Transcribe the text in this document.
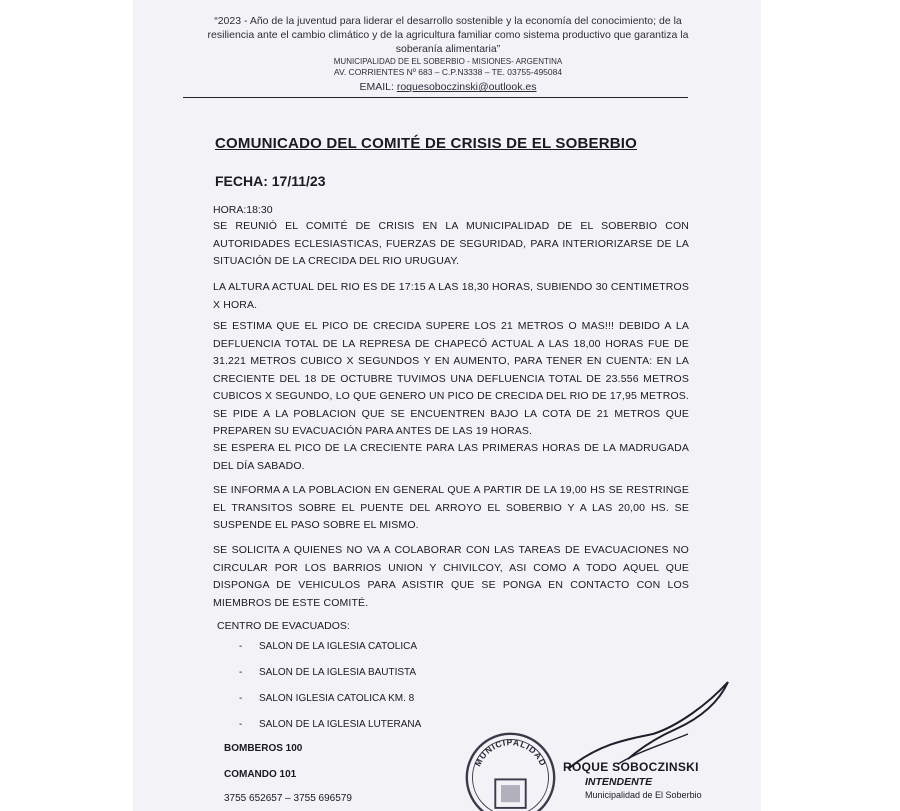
“2023 - Año de la juventud para liderar el desarrollo sostenible y la economía del conocimiento; de la
resiliencia ante el cambio climático y de la agricultura familiar como sistema productivo que garantiza la
soberanía alimentaria”
MUNICIPALIDAD DE EL SOBERBIO - MISIONES- ARGENTINA
AV. CORRIENTES Nº 683 – C.P.N3338 – TE. 03755-495084
EMAIL: roquesoboczinski@outlook.es
COMUNICADO DEL COMITÉ DE CRISIS DE EL SOBERBIO
FECHA: 17/11/23
HORA:18:30
SE REUNIÓ EL COMITÉ DE CRISIS EN LA MUNICIPALIDAD DE EL SOBERBIO CON AUTORIDADES ECLESIASTICAS, FUERZAS DE SEGURIDAD, PARA INTERIORIZARSE DE LA SITUACIÓN DE LA CRECIDA DEL RIO URUGUAY.
LA ALTURA ACTUAL DEL RIO ES DE 17:15 A LAS 18,30 HORAS, SUBIENDO 30 CENTIMETROS X HORA.
SE ESTIMA QUE EL PICO DE CRECIDA SUPERE LOS 21 METROS O MAS!!! DEBIDO A LA DEFLUENCIA TOTAL DE LA REPRESA DE CHAPECÓ ACTUAL A LAS 18,00 HORAS FUE DE 31.221 METROS CUBICO X SEGUNDOS Y EN AUMENTO, PARA TENER EN CUENTA: EN LA CRECIENTE DEL 18 DE OCTUBRE TUVIMOS UNA DEFLUENCIA TOTAL DE 23.556 METROS CUBICOS X SEGUNDO, LO QUE GENERO UN PICO DE CRECIDA DEL RIO DE 17,95 METROS. SE PIDE A LA POBLACION QUE SE ENCUENTREN BAJO LA COTA DE 21 METROS QUE PREPAREN SU EVACUACIÓN PARA ANTES DE LAS 19 HORAS.
SE ESPERA EL PICO DE LA CRECIENTE PARA LAS PRIMERAS HORAS DE LA MADRUGADA DEL DÍA SABADO.
SE INFORMA A LA POBLACION EN GENERAL QUE A PARTIR DE LA 19,00 HS SE RESTRINGE EL TRANSITOS SOBRE EL PUENTE DEL ARROYO EL SOBERBIO Y A LAS 20,00 HS. SE SUSPENDE EL PASO SOBRE EL MISMO.
SE SOLICITA A QUIENES NO VA A COLABORAR CON LAS TAREAS DE EVACUACIONES NO CIRCULAR POR LOS BARRIOS UNION Y CHIVILCOY, ASI COMO A TODO AQUEL QUE DISPONGA DE VEHICULOS PARA ASISTIR QUE SE PONGA EN CONTACTO CON LOS MIEMBROS DE ESTE COMITÉ.
CENTRO DE EVACUADOS:
- SALON DE LA IGLESIA CATOLICA
- SALON DE LA IGLESIA BAUTISTA
- SALON IGLESIA CATOLICA KM. 8
- SALON DE LA IGLESIA LUTERANA
BOMBEROS 100
COMANDO 101
3755 652657 – 3755 696579
MUNICIPALIDAD ROQUE SOBOCZINSKI
INTENDENTE
Municipalidad de El Soberbio
